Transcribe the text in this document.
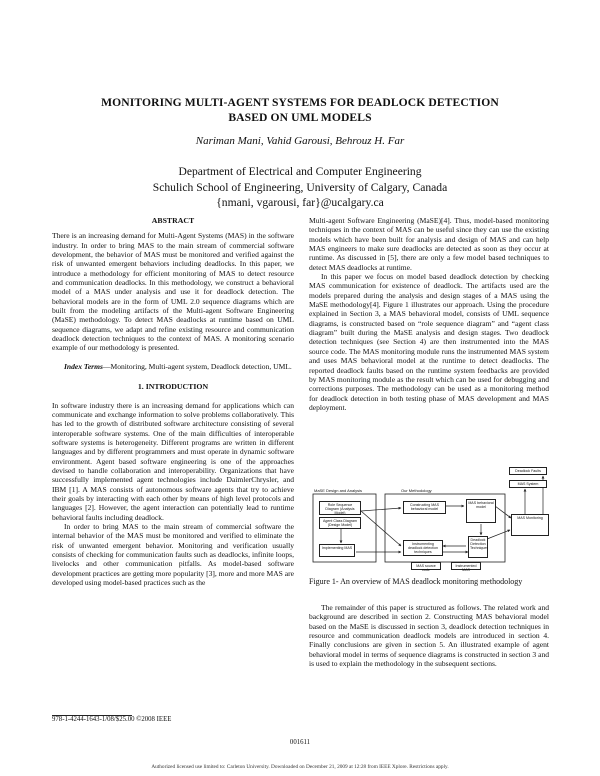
MONITORING MULTI-AGENT SYSTEMS FOR DEADLOCK DETECTION
BASED ON UML MODELS
Nariman Mani, Vahid Garousi, Behrouz H. Far
Department of Electrical and Computer Engineering
Schulich School of Engineering, University of Calgary, Canada
{nmani, vgarousi, far}@ucalgary.ca
ABSTRACT

There is an increasing demand for Multi-Agent Systems (MAS) in the software industry. In order to bring MAS to the main stream of commercial software development, the behavior of MAS must be monitored and verified against the risk of unwanted emergent behaviors including deadlocks. In this paper, we introduce a methodology for efficient monitoring of MAS to detect resource and communication deadlocks. In this methodology, we construct a behavioral model of a MAS under analysis and use it for deadlock detection. The behavioral models are in the form of UML 2.0 sequence diagrams which are built from the modeling artifacts of the Multi-agent Software Engineering (MaSE) methodology. To detect MAS deadlocks at runtime based on UML sequence diagrams, we adapt and refine existing resource and communication deadlock detection techniques to the context of MAS. A monitoring scenario example of our methodology is presented.

Index Terms—Monitoring, Multi-agent system, Deadlock detection, UML.

1. INTRODUCTION

In software industry there is an increasing demand for applications which can communicate and exchange information to solve problems collaboratively. This has led to the growth of distributed software architecture consisting of several interoperable software systems. One of the main difficulties of interoperable software systems is heterogeneity. Different programs are written in different languages and by different programmers and must operate in dynamic software environment. Agent based software engineering is one of the approaches devised to handle collaboration and interoperability. Organizations that have successfully implemented agent technologies include DaimlerChrysler, and IBM [1]. A MAS consists of autonomous software agents that try to achieve their goals by interacting with each other by means of high level protocols and languages [2]. However, the agent interaction can potentially lead to runtime behavioral faults including deadlock.

In order to bring MAS to the main stream of commercial software the internal behavior of the MAS must be monitored and verified to eliminate the risk of unwanted emergent behavior. Monitoring and verification usually consists of checking for communication faults such as deadlocks, infinite loops, livelocks and other communication pitfalls. As model-based software development practices are getting more popularity [3], more and more MAS are developed using model-based practices such as the

Multi-agent Software Engineering (MaSE)[4]. Thus, model-based monitoring techniques in the context of MAS can be useful since they can use the existing models which have been built for analysis and design of MAS and can help MAS engineers to make sure deadlocks are detected as soon as they occur at runtime. As discussed in [5], there are only a few model based techniques to detect MAS deadlocks at runtime.

In this paper we focus on model based deadlock detection by checking MAS communication for existence of deadlock. The artifacts used are the models prepared during the analysis and design stages of a MAS using the MaSE methodology[4]. Figure 1 illustrates our approach. Using the procedure explained in Section 3, a MAS behavioral model, consists of UML sequence diagrams, is constructed based on “role sequence diagram” and “agent class diagram” built during the MaSE analysis and design stages. Two deadlock detection techniques (see Section 4) are then instrumented into the MAS source code. The MAS monitoring module runs the instrumented MAS system and uses MAS behavioral model at the runtime to detect deadlocks. The reported deadlock faults based on the runtime system feedbacks are provided by MAS monitoring module as the result which can be used for debugging and corrections purposes. The methodology can be used as a monitoring method for deadlock detection in both testing phase of MAS development and MAS deployment.

MaSE Design and Analysis	Our Methodology
Role Sequence Diagram (Analysis Model)
Agent Class Diagram (Design Model)
Implementing MAS
Constructing MAS behavioral model
MAS behavioral model
Instrumenting deadlock detection techniques
Deadlock Detection Techniques
Instrumented MAS
MAS source code
MAS Monitoring
Deadlock Faults
MAS System
Figure 1- An overview of MAS deadlock monitoring methodology

The remainder of this paper is structured as follows. The related work and background are described in section 2. Constructing MAS behavioral model based on the MaSE is discussed in section 3, deadlock detection techniques in resource and communication deadlock models are introduced in section 4. Finally conclusions are given in section 5. An illustrated example of agent behavioral model in terms of sequence diagrams is constructed in section 3 and is used to explain the methodology in the subsequent sections.

978-1-4244-1643-1/08/$25.00 ©2008 IEEE
001611
Authorized licensed use limited to: Carleton University. Downloaded on December 21, 2009 at 12:28 from IEEE Xplore. Restrictions apply.
